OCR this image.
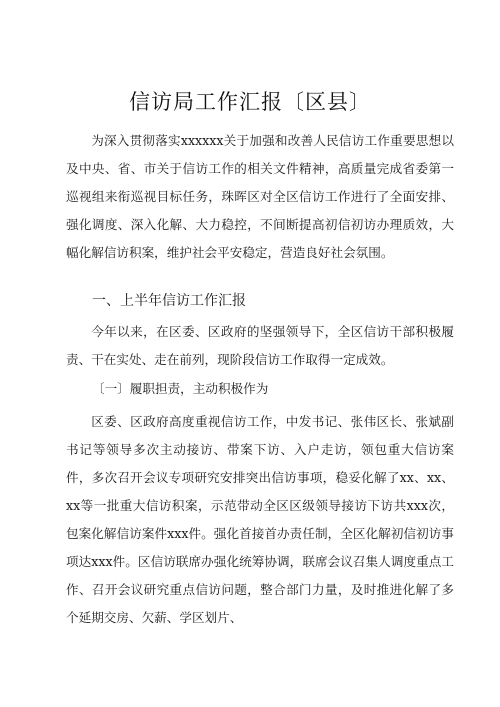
信访局工作汇报〔区县〕

为深入贯彻落实xxxxxx关于加强和改善人民信访工作重要思想以及中央、省、市关于信访工作的相关文件精神，高质量完成省委第一巡视组来衔巡视目标任务，珠晖区对全区信访工作进行了全面安排、强化调度、深入化解、大力稳控，不间断提高初信初访办理质效，大幅化解信访积案，维护社会平安稳定，营造良好社会氛围。

一、上半年信访工作汇报

今年以来，在区委、区政府的坚强领导下，全区信访干部积极履责、干在实处、走在前列，现阶段信访工作取得一定成效。

〔一〕履职担责，主动积极作为

区委、区政府高度重视信访工作，中发书记、张伟区长、张斌副书记等领导多次主动接访、带案下访、入户走访，领包重大信访案件，多次召开会议专项研究安排突出信访事项，稳妥化解了xx、xx、xx等一批重大信访积案，示范带动全区区级领导接访下访共xxx次，包案化解信访案件xxx件。强化首接首办责任制，全区化解初信初访事项达xxx件。区信访联席办强化统筹协调，联席会议召集人调度重点工作、召开会议研究重点信访问题，整合部门力量，及时推进化解了多个延期交房、欠薪、学区划片、
